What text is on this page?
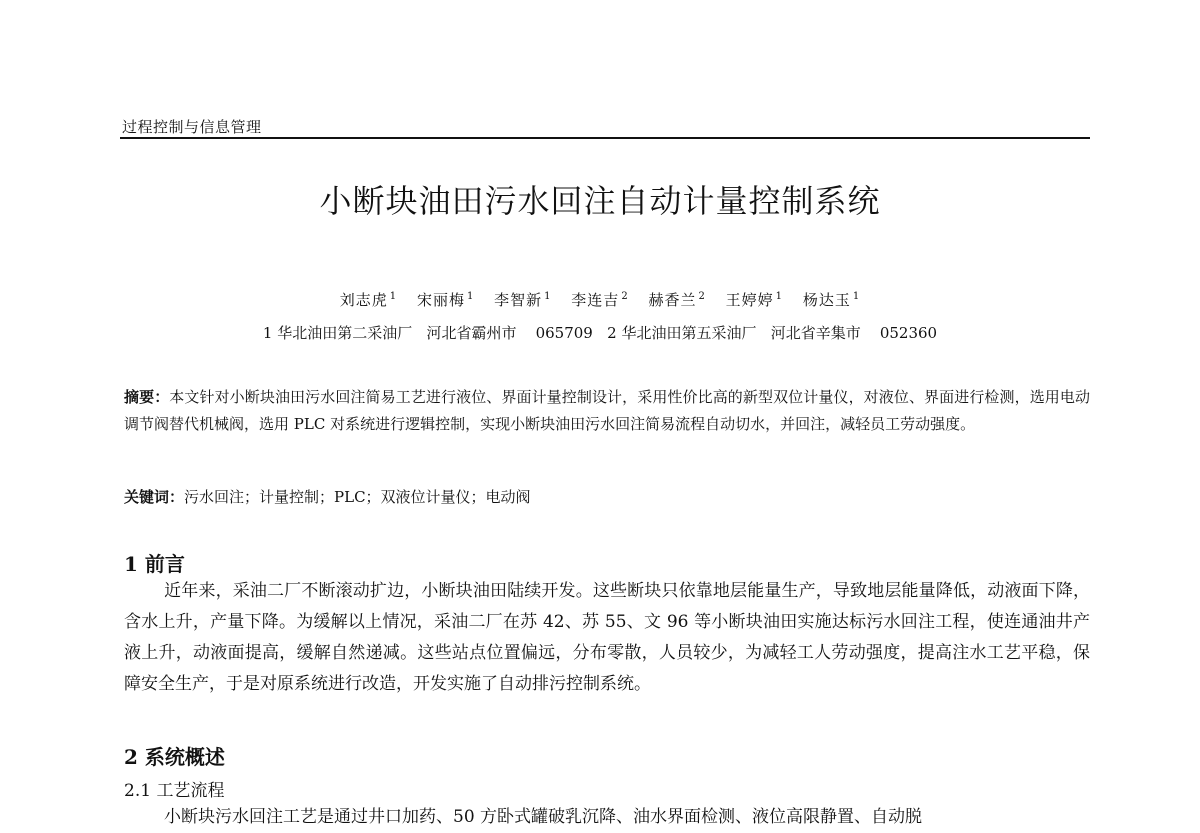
过程控制与信息管理
小断块油田污水回注自动计量控制系统
刘志虎 $^1$ 宋丽梅 $^1$ 李智新 $^1$ 李连吉 $^2$ 赫香兰 $^2$ 王婷婷 $^1$ 杨达玉 $^1$
1 华北油田第二采油厂   河北省霸州市    065709   2 华北油田第五采油厂   河北省辛集市    052360
摘要：本文针对小断块油田污水回注简易工艺进行液位、界面计量控制设计，采用性价比高的新型双位计量仪，对液位、界面进行检测，选用电动调节阀替代机械阀，选用 PLC 对系统进行逻辑控制，实现小断块油田污水回注简易流程自动切水，并回注，减轻员工劳动强度。
关键词：污水回注；计量控制；PLC；双液位计量仪；电动阀
1 前言
近年来，采油二厂不断滚动扩边，小断块油田陆续开发。这些断块只依靠地层能量生产，导致地层能量降低，动液面下降，含水上升，产量下降。为缓解以上情况，采油二厂在苏 42、苏 55、文 96 等小断块油田实施达标污水回注工程，使连通油井产液上升，动液面提高，缓解自然递减。这些站点位置偏远，分布零散，人员较少，为减轻工人劳动强度，提高注水工艺平稳，保障安全生产，于是对原系统进行改造，开发实施了自动排污控制系统。
2 系统概述
2.1 工艺流程
小断块污水回注工艺是通过井口加药、50 方卧式罐破乳沉降、油水界面检测、液位高限静置、自动脱
